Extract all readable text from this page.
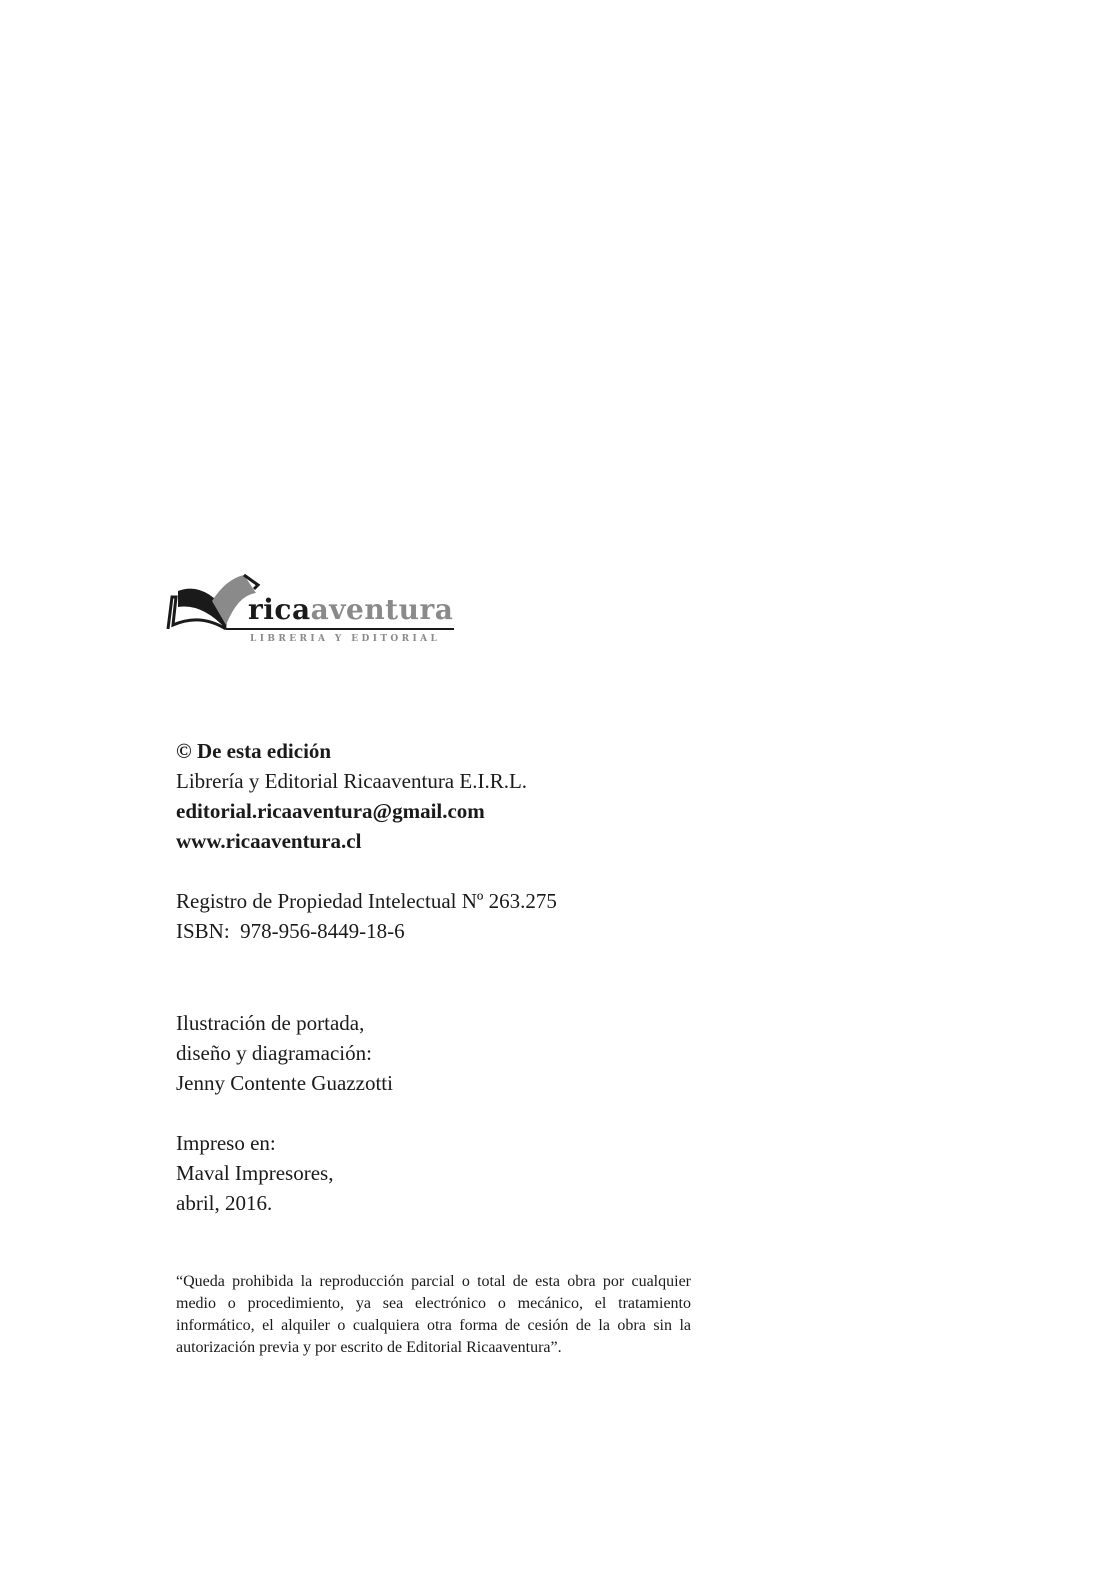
ricaaventura
LIBRERIA Y EDITORIAL
© De esta edición
Librería y Editorial Ricaaventura E.I.R.L.
editorial.ricaaventura@gmail.com
www.ricaaventura.cl
Registro de Propiedad Intelectual Nº 263.275
ISBN:  978-956-8449-18-6
Ilustración de portada,
diseño y diagramación:
Jenny Contente Guazzotti
Impreso en:
Maval Impresores,
abril, 2016.
“Queda prohibida la reproducción parcial o total de esta obra por cualquier medio o procedimiento, ya sea electrónico o mecánico, el tratamiento informático, el alquiler o cualquiera otra forma de cesión de la obra sin la autorización previa y por escrito de Editorial Ricaaventura”.
